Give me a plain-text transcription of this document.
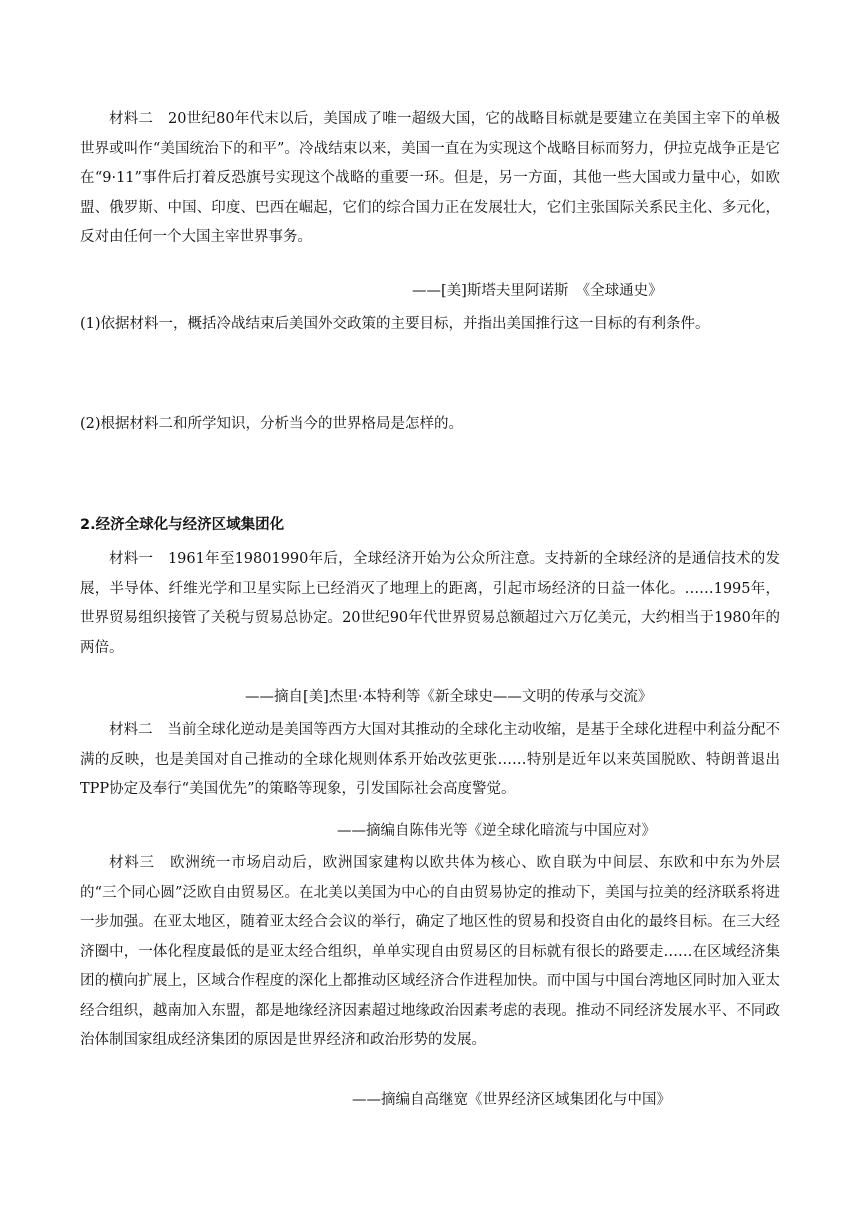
材料二　20世纪80年代末以后，美国成了唯一超级大国，它的战略目标就是要建立在美国主宰下的单极世界或叫作“美国统治下的和平”。冷战结束以来，美国一直在为实现这个战略目标而努力，伊拉克战争正是它在“9·11”事件后打着反恐旗号实现这个战略的重要一环。但是，另一方面，其他一些大国或力量中心，如欧盟、俄罗斯、中国、印度、巴西在崛起，它们的综合国力正在发展壮大，它们主张国际关系民主化、多元化，反对由任何一个大国主宰世界事务。
——[美]斯塔夫里阿诺斯　《全球通史》
(1)依据材料一，概括冷战结束后美国外交政策的主要目标，并指出美国推行这一目标的有利条件。
(2)根据材料二和所学知识，分析当今的世界格局是怎样的。
2.经济全球化与经济区域集团化
材料一　1961年至19801990年后，全球经济开始为公众所注意。支持新的全球经济的是通信技术的发展，半导体、纤维光学和卫星实际上已经消灭了地理上的距离，引起市场经济的日益一体化。……1995年，世界贸易组织接管了关税与贸易总协定。20世纪90年代世界贸易总额超过六万亿美元，大约相当于1980年的两倍。
——摘自[美]杰里·本特利等《新全球史——文明的传承与交流》
材料二　当前全球化逆动是美国等西方大国对其推动的全球化主动收缩，是基于全球化进程中利益分配不满的反映，也是美国对自己推动的全球化规则体系开始改弦更张……特别是近年以来英国脱欧、特朗普退出TPP协定及奉行“美国优先”的策略等现象，引发国际社会高度警觉。
——摘编自陈伟光等《逆全球化暗流与中国应对》
材料三　欧洲统一市场启动后，欧洲国家建构以欧共体为核心、欧自联为中间层、东欧和中东为外层的“三个同心圆”泛欧自由贸易区。在北美以美国为中心的自由贸易协定的推动下，美国与拉美的经济联系将进一步加强。在亚太地区，随着亚太经合会议的举行，确定了地区性的贸易和投资自由化的最终目标。在三大经济圈中，一体化程度最低的是亚太经合组织，单单实现自由贸易区的目标就有很长的路要走……在区域经济集团的横向扩展上，区域合作程度的深化上都推动区域经济合作进程加快。而中国与中国台湾地区同时加入亚太经合组织，越南加入东盟，都是地缘经济因素超过地缘政治因素考虑的表现。推动不同经济发展水平、不同政治体制国家组成经济集团的原因是世界经济和政治形势的发展。
——摘编自高继宽《世界经济区域集团化与中国》
